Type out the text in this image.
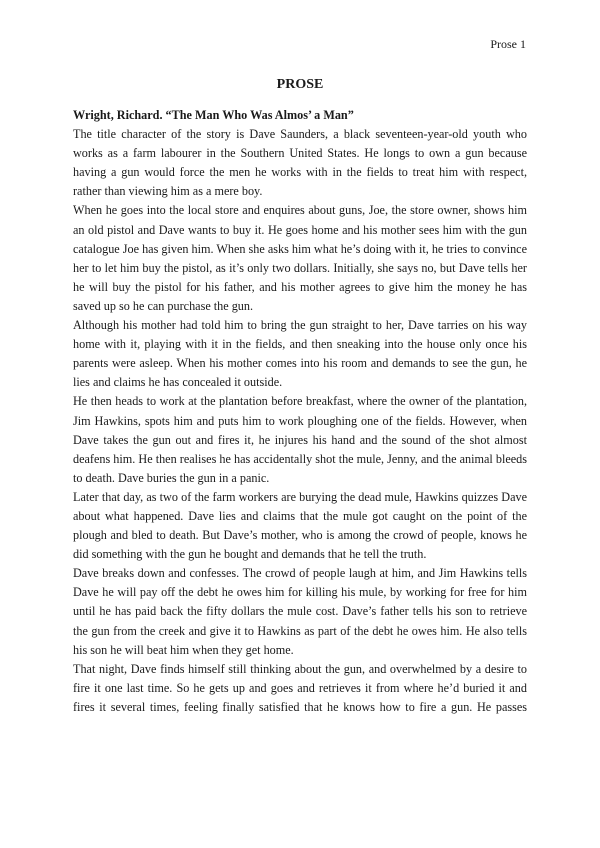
Prose 1
PROSE

Wright, Richard. “The Man Who Was Almos’ a Man”

The title character of the story is Dave Saunders, a black seventeen-year-old youth who works as a farm labourer in the Southern United States. He longs to own a gun because having a gun would force the men he works with in the fields to treat him with respect, rather than viewing him as a mere boy.

When he goes into the local store and enquires about guns, Joe, the store owner, shows him an old pistol and Dave wants to buy it. He goes home and his mother sees him with the gun catalogue Joe has given him. When she asks him what he’s doing with it, he tries to convince her to let him buy the pistol, as it’s only two dollars. Initially, she says no, but Dave tells her he will buy the pistol for his father, and his mother agrees to give him the money he has saved up so he can purchase the gun.

Although his mother had told him to bring the gun straight to her, Dave tarries on his way home with it, playing with it in the fields, and then sneaking into the house only once his parents were asleep. When his mother comes into his room and demands to see the gun, he lies and claims he has concealed it outside.

He then heads to work at the plantation before breakfast, where the owner of the plantation, Jim Hawkins, spots him and puts him to work ploughing one of the fields. However, when Dave takes the gun out and fires it, he injures his hand and the sound of the shot almost deafens him. He then realises he has accidentally shot the mule, Jenny, and the animal bleeds to death. Dave buries the gun in a panic.

Later that day, as two of the farm workers are burying the dead mule, Hawkins quizzes Dave about what happened. Dave lies and claims that the mule got caught on the point of the plough and bled to death. But Dave’s mother, who is among the crowd of people, knows he did something with the gun he bought and demands that he tell the truth.

Dave breaks down and confesses. The crowd of people laugh at him, and Jim Hawkins tells Dave he will pay off the debt he owes him for killing his mule, by working for free for him until he has paid back the fifty dollars the mule cost. Dave’s father tells his son to retrieve the gun from the creek and give it to Hawkins as part of the debt he owes him. He also tells his son he will beat him when they get home.

That night, Dave finds himself still thinking about the gun, and overwhelmed by a desire to fire it one last time. So he gets up and goes and retrieves it from where he’d buried it and fires it several times, feeling finally satisfied that he knows how to fire a gun. He passes
